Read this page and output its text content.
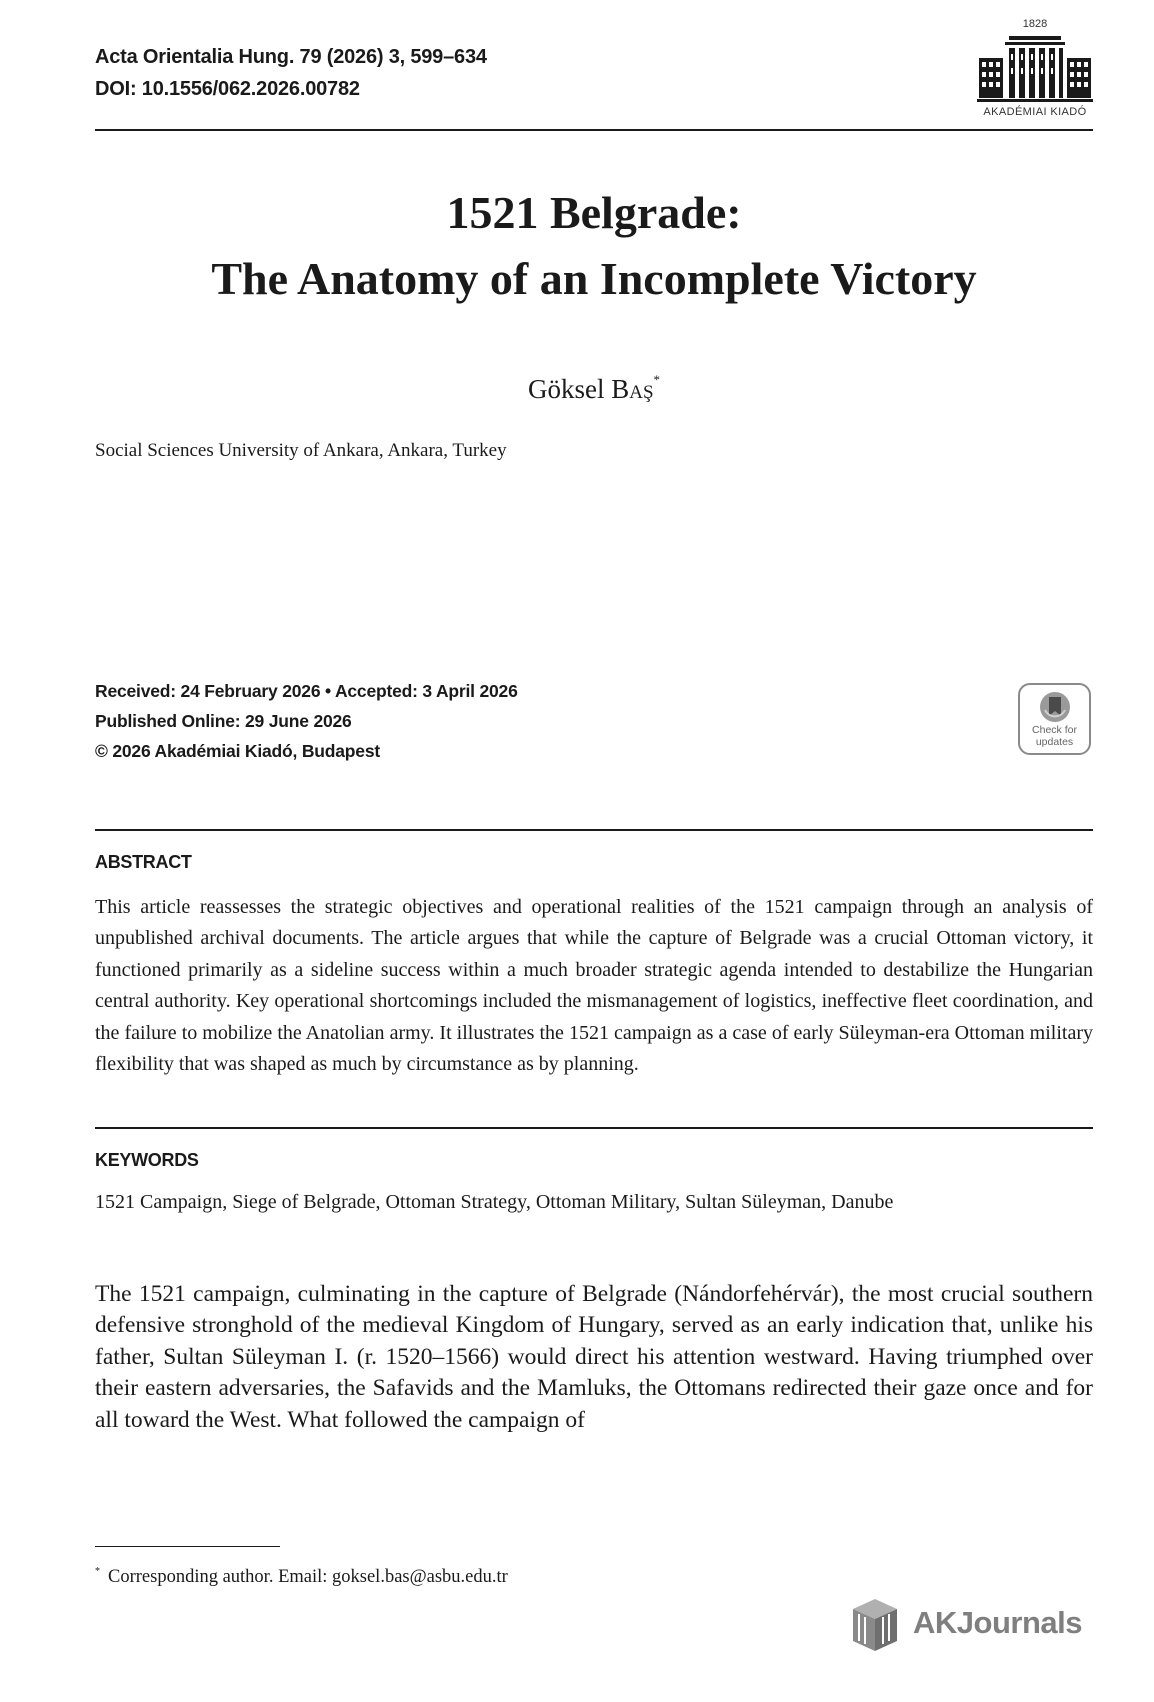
Acta Orientalia Hung. 79 (2026) 3, 599–634
DOI: 10.1556/062.2026.00782
1828
AKADÉMIAI KIADÓ
1521 Belgrade:
The Anatomy of an Incomplete Victory
Göksel Baş*
Social Sciences University of Ankara, Ankara, Turkey
Received: 24 February 2026 • Accepted: 3 April 2026
Published Online: 29 June 2026
© 2026 Akadémiai Kiadó, Budapest
Check for
updates
ABSTRACT
This article reassesses the strategic objectives and operational realities of the 1521 campaign through an analysis of unpublished archival documents. The article argues that while the capture of Belgrade was a crucial Ottoman victory, it functioned primarily as a sideline success within a much broader strategic agenda intended to destabilize the Hungarian central authority. Key operational shortcomings included the mismanagement of logistics, ineffective fleet coordination, and the failure to mobilize the Anatolian army. It illustrates the 1521 campaign as a case of early Süleyman-era Ottoman military flexibility that was shaped as much by circumstance as by planning.
KEYWORDS
1521 Campaign, Siege of Belgrade, Ottoman Strategy, Ottoman Military, Sultan Süleyman, Danube
The 1521 campaign, culminating in the capture of Belgrade (Nándorfehérvár), the most crucial southern defensive stronghold of the medieval Kingdom of Hungary, served as an early indication that, unlike his father, Sultan Süleyman I. (r. 1520–1566) would direct his attention westward. Having triumphed over their eastern adversaries, the Safavids and the Mamluks, the Ottomans redirected their gaze once and for all toward the West. What followed the campaign of
* Corresponding author. Email: goksel.bas@asbu.edu.tr
AKJournals
